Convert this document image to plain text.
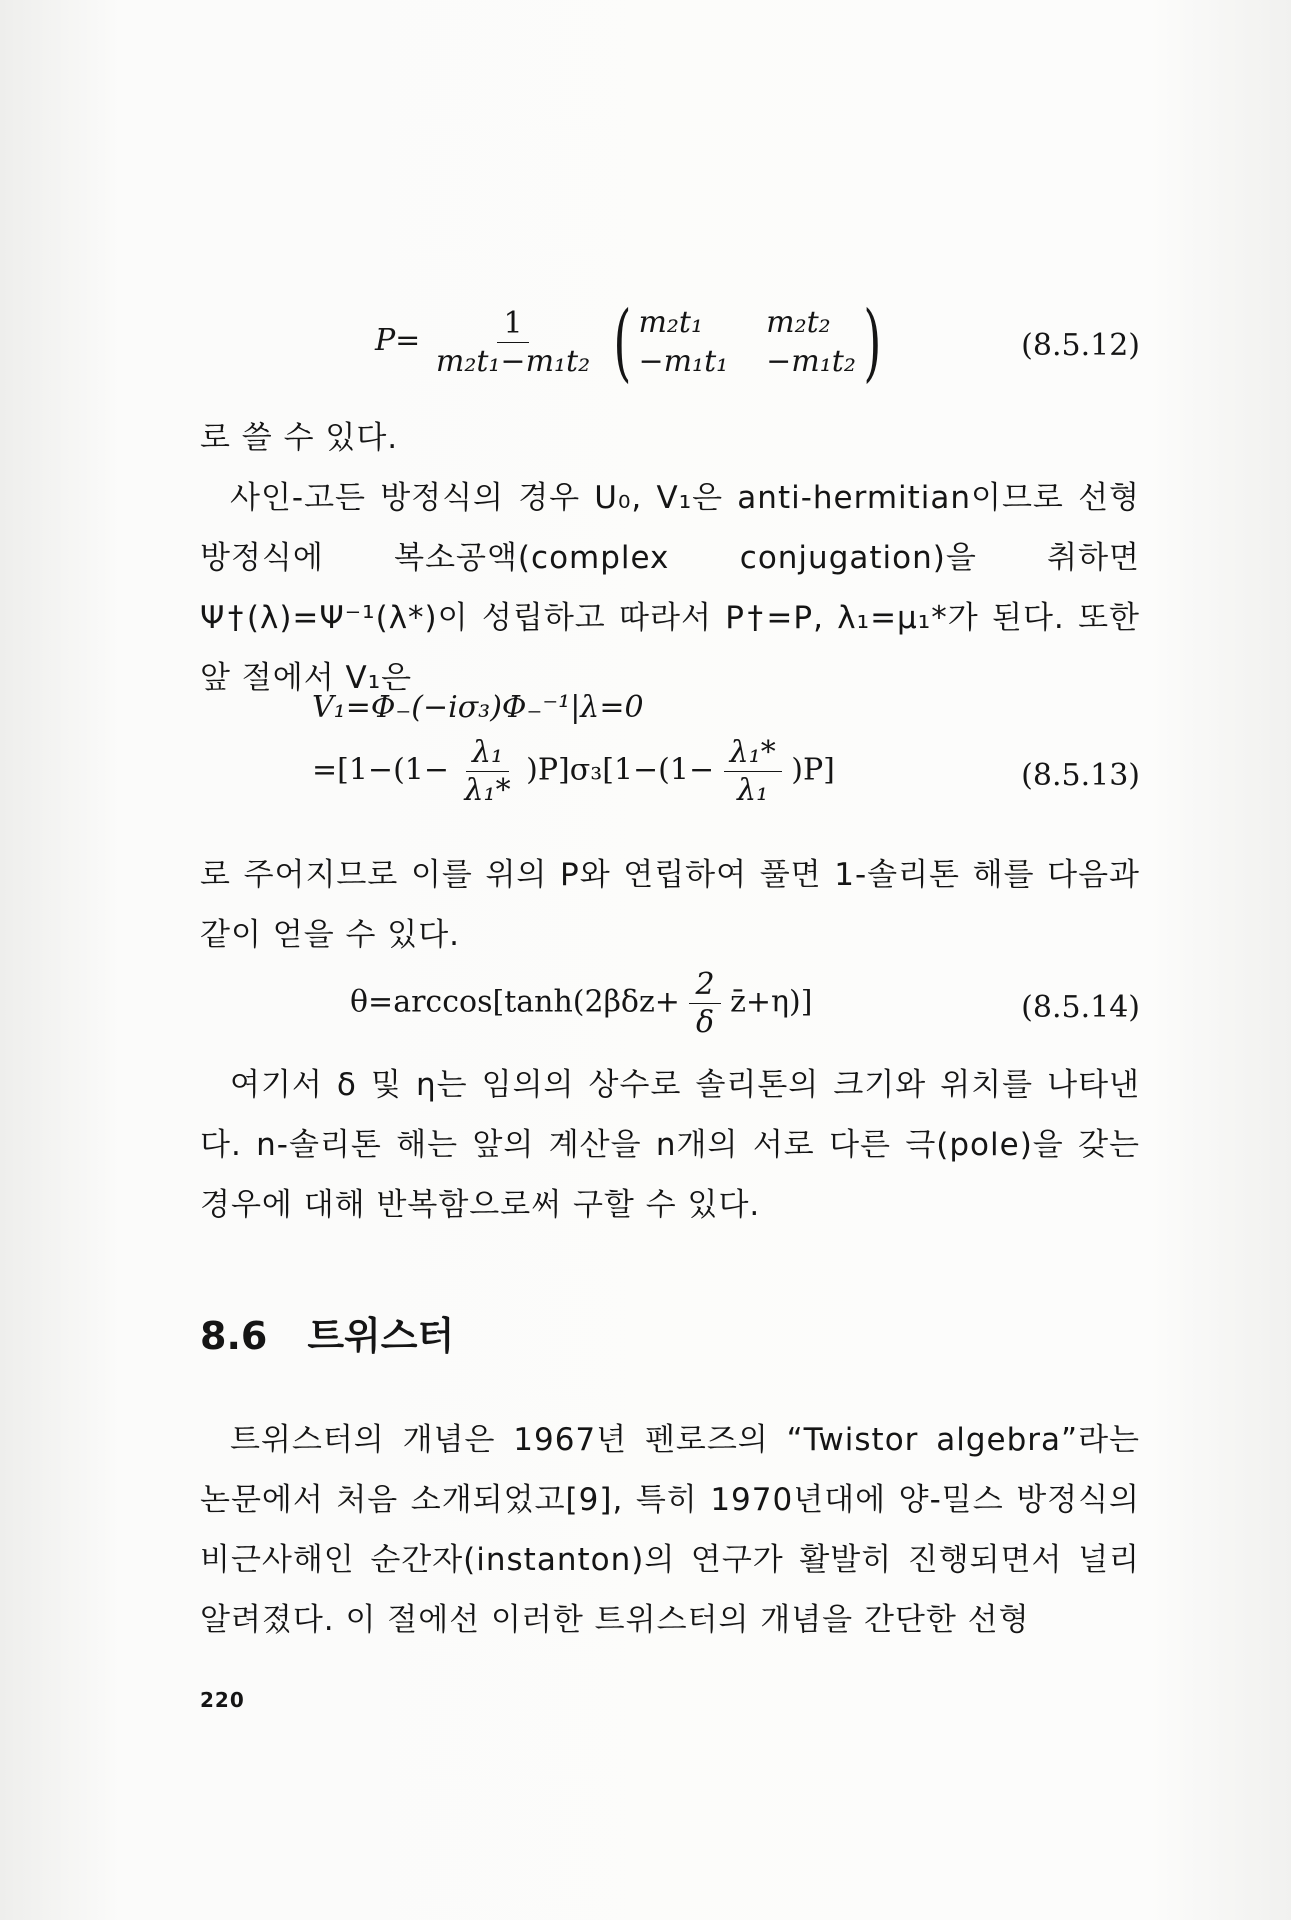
$P= \frac{1}{\text{m₂t₁−m₁t₂}}$
( m₂t₁	m₂t₂
−m₁t₁ −m₁t₂ )	(8.5.12)
로 쓸 수 있다.
사인-고든 방정식의 경우 U₀, V₁은 anti-hermitian이므로 선형 방정식에 복소공액(complex conjugation)을 취하면 Ψ†(λ)=Ψ⁻¹(λ*)이 성립하고 따라서 P†=P, λ₁=μ₁*가 된다. 또한 앞 절에서 V₁은
V₁=Φ₋(−iσ₃)Φ₋⁻¹|λ=0
$=[1-(1- \frac{\text{λ₁}}{\text{λ₁*}} )P]\sigma_3[1-(1- \frac{\text{λ₁*}}{\text{λ₁}} )P]$	(8.5.13)
로 주어지므로 이를 위의 P와 연립하여 풀면 1-솔리톤 해를 다음과 같이 얻을 수 있다.
$\theta=\arccos[\tanh(2\beta\delta z+ \frac{2}{\delta}$ z̄+η)]	(8.5.14)
여기서 δ 및 η는 임의의 상수로 솔리톤의 크기와 위치를 나타낸다. n-솔리톤 해는 앞의 계산을 n개의 서로 다른 극(pole)을 갖는 경우에 대해 반복함으로써 구할 수 있다.
8.6 트위스터
트위스터의 개념은 1967년 펜로즈의 “Twistor algebra”라는 논문에서 처음 소개되었고[9], 특히 1970년대에 양-밀스 방정식의 비근사해인 순간자(instanton)의 연구가 활발히 진행되면서 널리 알려졌다. 이 절에선 이러한 트위스터의 개념을 간단한 선형
220
